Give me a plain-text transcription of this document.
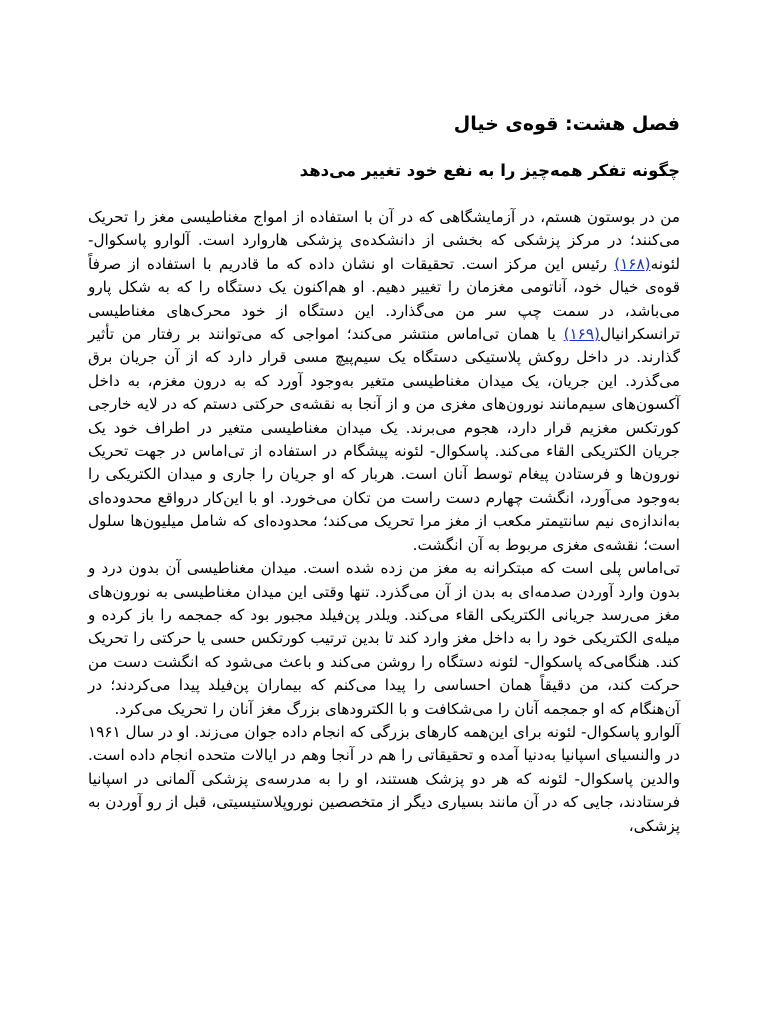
​
فصل هشت: قوه‌ی خیال
چگونه تفکر همه‌چیز را به نفع خود تغییر می‌دهد

من در بوستون هستم، در آزمایشگاهی که در آن با استفاده از امواج مغناطیسی مغز را تحریک می‌کنند؛ در مرکز پزشکی که بخشی از دانشکده‌ی پزشکی هاروارد است. آلوارو پاسکوال- لئونه(۱۶۸) رئیس این مرکز است. تحقیقات او نشان داده که ما قادریم با استفاده از صرفاً قوه‌ی خیال خود، آناتومی مغزمان را تغییر دهیم. او هم‌اکنون یک دستگاه را که به شکل پارو می‌باشد، در سمت چپ سر من می‌گذارد. این دستگاه از خود محرک‌های مغناطیسی ترانسکرانیال(۱۶۹) یا همان تی‌اماس منتشر می‌کند؛ امواجی که می‌توانند بر رفتار من تأثیر گذارند. در داخل روکش پلاستیکی دستگاه یک سیم‌پیچ مسی قرار دارد که از آن جریان برق می‌گذرد. این جریان، یک میدان مغناطیسی متغیر به‌وجود آورد که به درون مغزم، به داخل آکسون‌های سیم‌مانند نورون‌های مغزی من و از آنجا به نقشه‌ی حرکتی دستم که در لایه خارجی کورتکس مغزیم قرار دارد، هجوم می‌برند. یک میدان مغناطیسی متغیر در اطراف خود یک جریان الکتریکی القاء می‌کند. پاسکوال- لئونه پیشگام در استفاده از تی‌اماس در جهت تحریک نورون‌ها و فرستادن پیغام توسط آنان است. هربار که او جریان را جاری و میدان الکتریکی را به‌وجود می‌آورد، انگشت چهارم دست راست من تکان می‌خورد. او با این‌کار درواقع محدوده‌ای به‌اندازه‌ی نیم سانتیمتر مکعب از مغز مرا تحریک می‌کند؛ محدوده‌ای که شامل میلیون‌ها سلول است؛ نقشه‌ی مغزی مربوط به آن انگشت.

تی‌اماس پلی است که مبتکرانه به مغز من زده شده است. میدان مغناطیسی آن بدون درد و بدون وارد آوردن صدمه‌ای به بدن از آن می‌گذرد. تنها وقتی این میدان مغناطیسی به نورون‌های مغز می‌رسد جریانی الکتریکی القاء می‌کند. ویلدر پن‌فیلد مجبور بود که جمجمه را باز کرده و میله‌ی الکتریکی خود را به داخل مغز وارد کند تا بدین ترتیب کورتکس حسی یا حرکتی را تحریک کند. هنگامی‌که پاسکوال- لئونه دستگاه را روشن می‌کند و باعث می‌شود که انگشت دست من حرکت کند، من دقیقاً همان احساسی را پیدا می‌کنم که بیماران پن‌فیلد پیدا می‌کردند؛ در آن‌هنگام که او جمجمه آنان را می‌شکافت و با الکترودهای بزرگ مغز آنان را تحریک می‌کرد.

آلوارو پاسکوال- لئونه برای این‌همه کارهای بزرگی که انجام داده جوان می‌زند. او در سال ۱۹۶۱ در والنسیای اسپانیا به‌دنیا آمده و تحقیقاتی را هم در آنجا وهم در ایالات متحده انجام داده است. والدین پاسکوال- لئونه که هر دو پزشک هستند، او را به مدرسه‌ی پزشکی آلمانی در اسپانیا فرستادند، جایی که در آن مانند بسیاری دیگر از متخصصین نوروپلاستیسیتی، قبل از رو آوردن به پزشکی،
